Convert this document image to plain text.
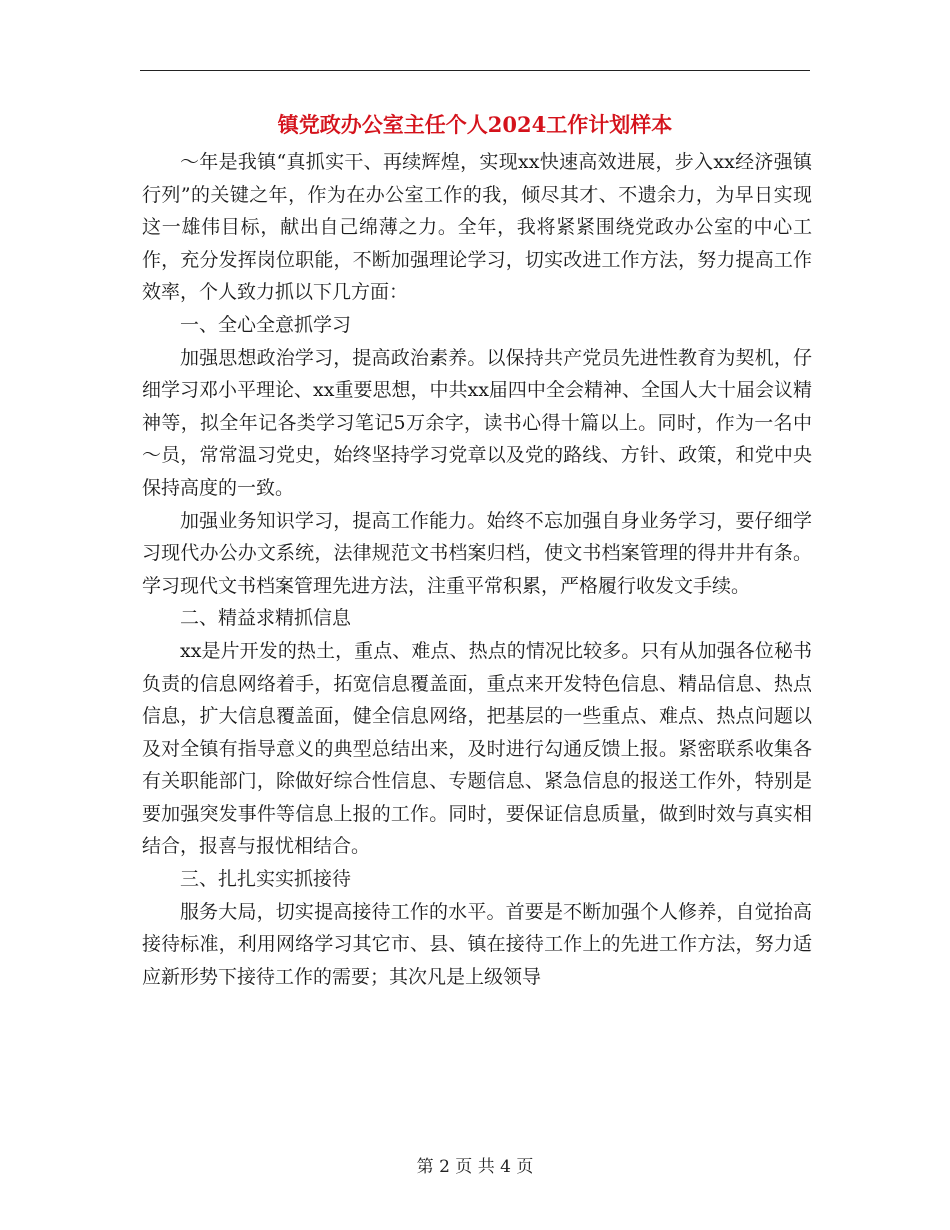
镇党政办公室主任个人2024工作计划样本

～年是我镇“真抓实干、再续辉煌，实现xx快速高效进展，步入xx经济强镇行列”的关键之年，作为在办公室工作的我，倾尽其才、不遗余力，为早日实现这一雄伟目标，献出自己绵薄之力。全年，我将紧紧围绕党政办公室的中心工作，充分发挥岗位职能，不断加强理论学习，切实改进工作方法，努力提高工作效率，个人致力抓以下几方面：

一、全心全意抓学习

加强思想政治学习，提高政治素养。以保持共产党员先进性教育为契机，仔细学习邓小平理论、xx重要思想，中共xx届四中全会精神、全国人大十届会议精神等，拟全年记各类学习笔记5万余字，读书心得十篇以上。同时，作为一名中～员，常常温习党史，始终坚持学习党章以及党的路线、方针、政策，和党中央保持高度的一致。

加强业务知识学习，提高工作能力。始终不忘加强自身业务学习，要仔细学习现代办公办文系统，法律规范文书档案归档，使文书档案管理的得井井有条。学习现代文书档案管理先进方法，注重平常积累，严格履行收发文手续。

二、精益求精抓信息

xx是片开发的热土，重点、难点、热点的情况比较多。只有从加强各位秘书负责的信息网络着手，拓宽信息覆盖面，重点来开发特色信息、精品信息、热点信息，扩大信息覆盖面，健全信息网络，把基层的一些重点、难点、热点问题以及对全镇有指导意义的典型总结出来，及时进行勾通反馈上报。紧密联系收集各有关职能部门，除做好综合性信息、专题信息、紧急信息的报送工作外，特别是要加强突发事件等信息上报的工作。同时，要保证信息质量，做到时效与真实相结合，报喜与报忧相结合。

三、扎扎实实抓接待

服务大局，切实提高接待工作的水平。首要是不断加强个人修养，自觉抬高接待标准，利用网络学习其它市、县、镇在接待工作上的先进工作方法，努力适应新形势下接待工作的需要；其次凡是上级领导

第 2 页 共 4 页
